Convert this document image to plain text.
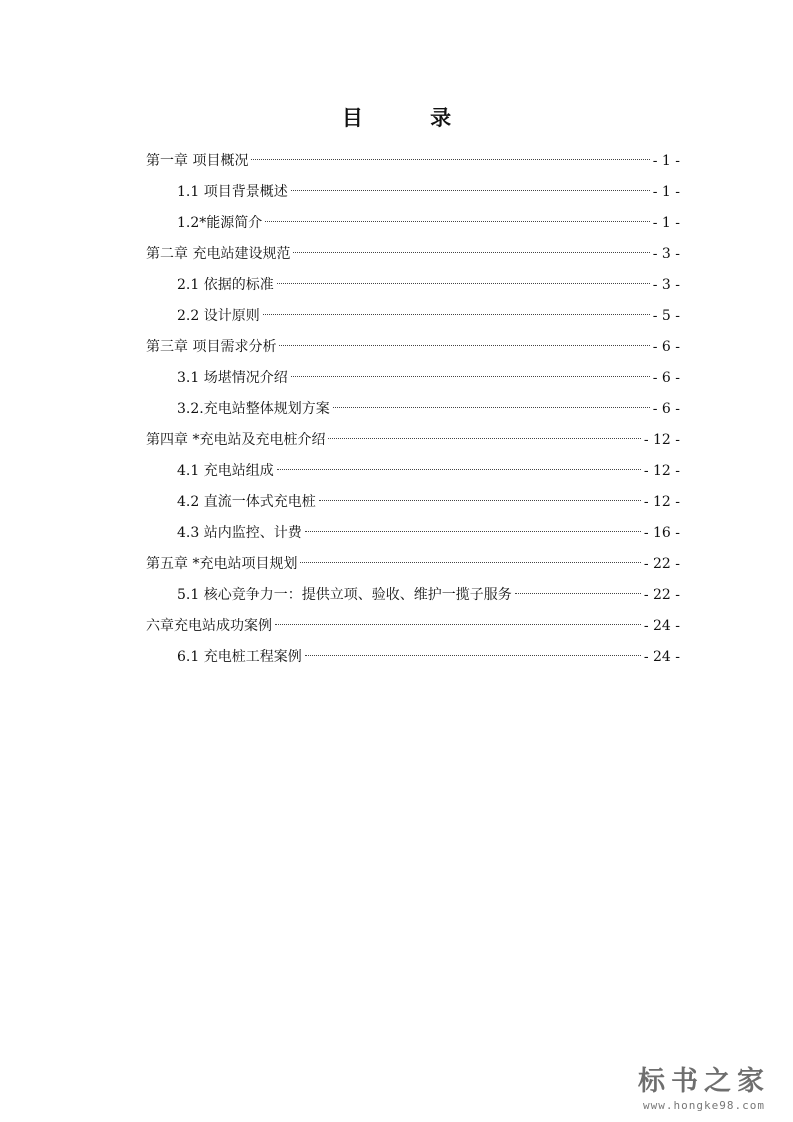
目 录
第一章 项目概况	- 1 -
1.1 项目背景概述	- 1 -
1.2*能源简介	- 1 -
第二章 充电站建设规范	- 3 -
2.1 依据的标准	- 3 -
2.2 设计原则	- 5 -
第三章 项目需求分析	- 6 -
3.1 场堪情况介绍	- 6 -
3.2.充电站整体规划方案	- 6 -
第四章 *充电站及充电桩介绍	- 12 -
4.1 充电站组成	- 12 -
4.2 直流一体式充电桩	- 12 -
4.3 站内监控、计费	- 16 -
第五章 *充电站项目规划	- 22 -
5.1 核心竞争力一：提供立项、验收、维护一揽子服务	- 22 -
六章充电站成功案例	- 24 -
6.1 充电桩工程案例	- 24 -
标书之家
www.hongke98.com
